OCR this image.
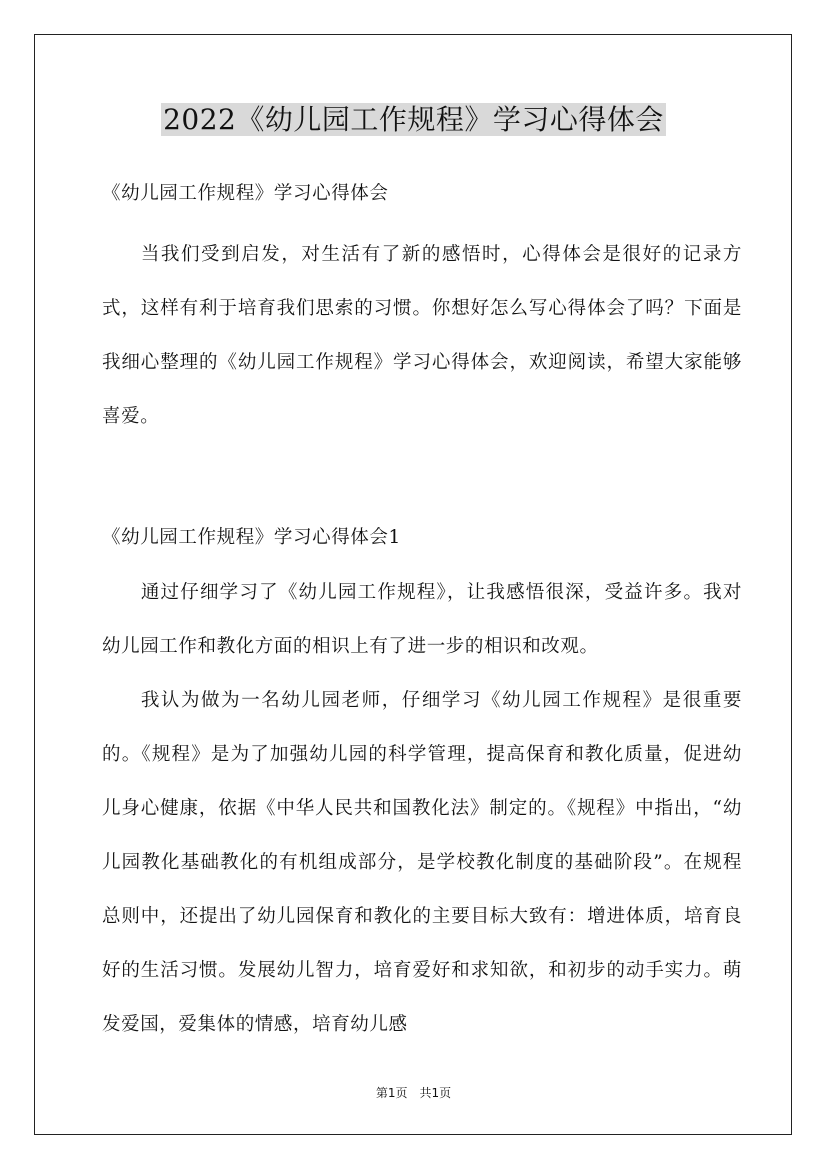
2022《幼儿园工作规程》学习心得体会
《幼儿园工作规程》学习心得体会

当我们受到启发，对生活有了新的感悟时，心得体会是很好的记录方式，这样有利于培育我们思索的习惯。你想好怎么写心得体会了吗？下面是我细心整理的《幼儿园工作规程》学习心得体会，欢迎阅读，希望大家能够喜爱。

《幼儿园工作规程》学习心得体会1

通过仔细学习了《幼儿园工作规程》，让我感悟很深，受益许多。我对幼儿园工作和教化方面的相识上有了进一步的相识和改观。

我认为做为一名幼儿园老师，仔细学习《幼儿园工作规程》是很重要的。《规程》是为了加强幼儿园的科学管理，提高保育和教化质量，促进幼儿身心健康，依据《中华人民共和国教化法》制定的。《规程》中指出，“幼儿园教化基础教化的有机组成部分，是学校教化制度的基础阶段”。在规程总则中，还提出了幼儿园保育和教化的主要目标大致有：增进体质，培育良好的生活习惯。发展幼儿智力，培育爱好和求知欲，和初步的动手实力。萌发爱国，爱集体的情感，培育幼儿感

第1页 共1页
